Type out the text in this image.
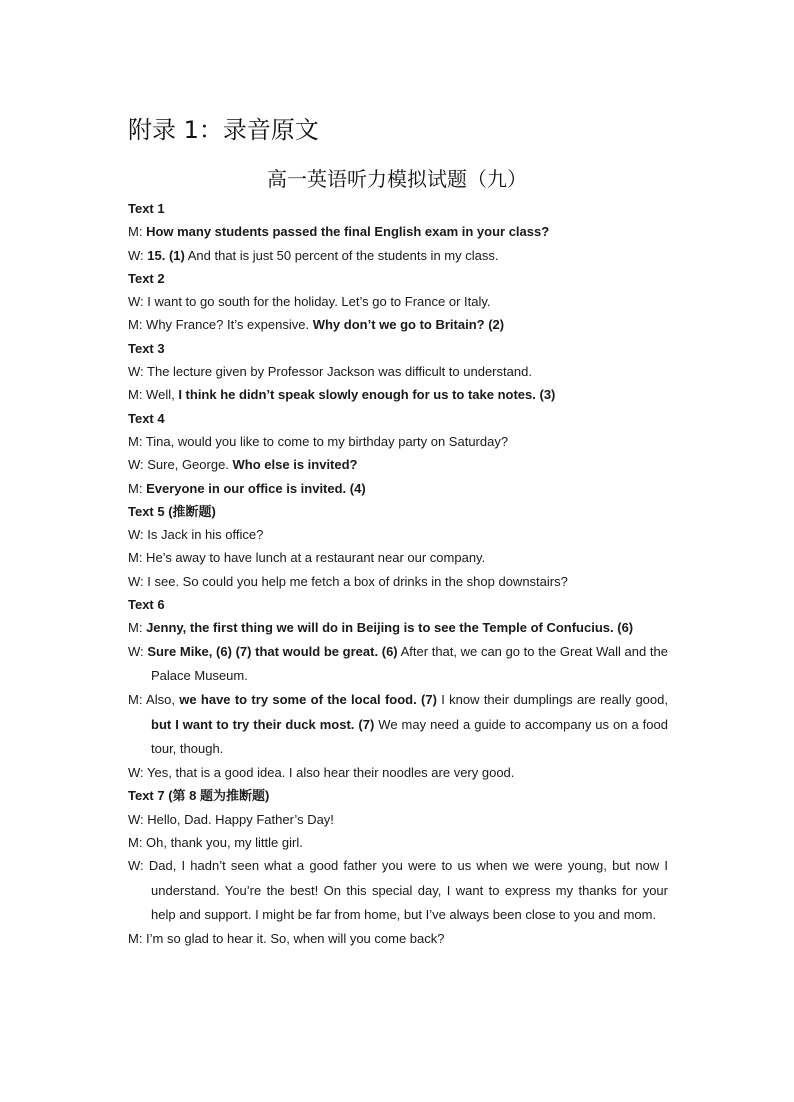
附录 1：录音原文
高一英语听力模拟试题（九）
Text 1
M: How many students passed the final English exam in your class?
W: 15. (1) And that is just 50 percent of the students in my class.
Text 2
W: I want to go south for the holiday. Let’s go to France or Italy.
M: Why France? It’s expensive. Why don’t we go to Britain? (2)
Text 3
W: The lecture given by Professor Jackson was difficult to understand.
M: Well, I think he didn’t speak slowly enough for us to take notes. (3)
Text 4
M: Tina, would you like to come to my birthday party on Saturday?
W: Sure, George. Who else is invited?
M: Everyone in our office is invited. (4)
Text 5 (推断题)
W: Is Jack in his office?
M: He’s away to have lunch at a restaurant near our company.
W: I see. So could you help me fetch a box of drinks in the shop downstairs?
Text 6
M: Jenny, the first thing we will do in Beijing is to see the Temple of Confucius. (6)
W: Sure Mike, (6) (7) that would be great. (6) After that, we can go to the Great Wall and the Palace Museum.
M: Also, we have to try some of the local food. (7) I know their dumplings are really good, but I want to try their duck most. (7) We may need a guide to accompany us on a food tour, though.
W: Yes, that is a good idea. I also hear their noodles are very good.
Text 7 (第 8 题为推断题)
W: Hello, Dad. Happy Father’s Day!
M: Oh, thank you, my little girl.
W: Dad, I hadn’t seen what a good father you were to us when we were young, but now I understand. You’re the best! On this special day, I want to express my thanks for your help and support. I might be far from home, but I’ve always been close to you and mom.
M: I’m so glad to hear it. So, when will you come back?
